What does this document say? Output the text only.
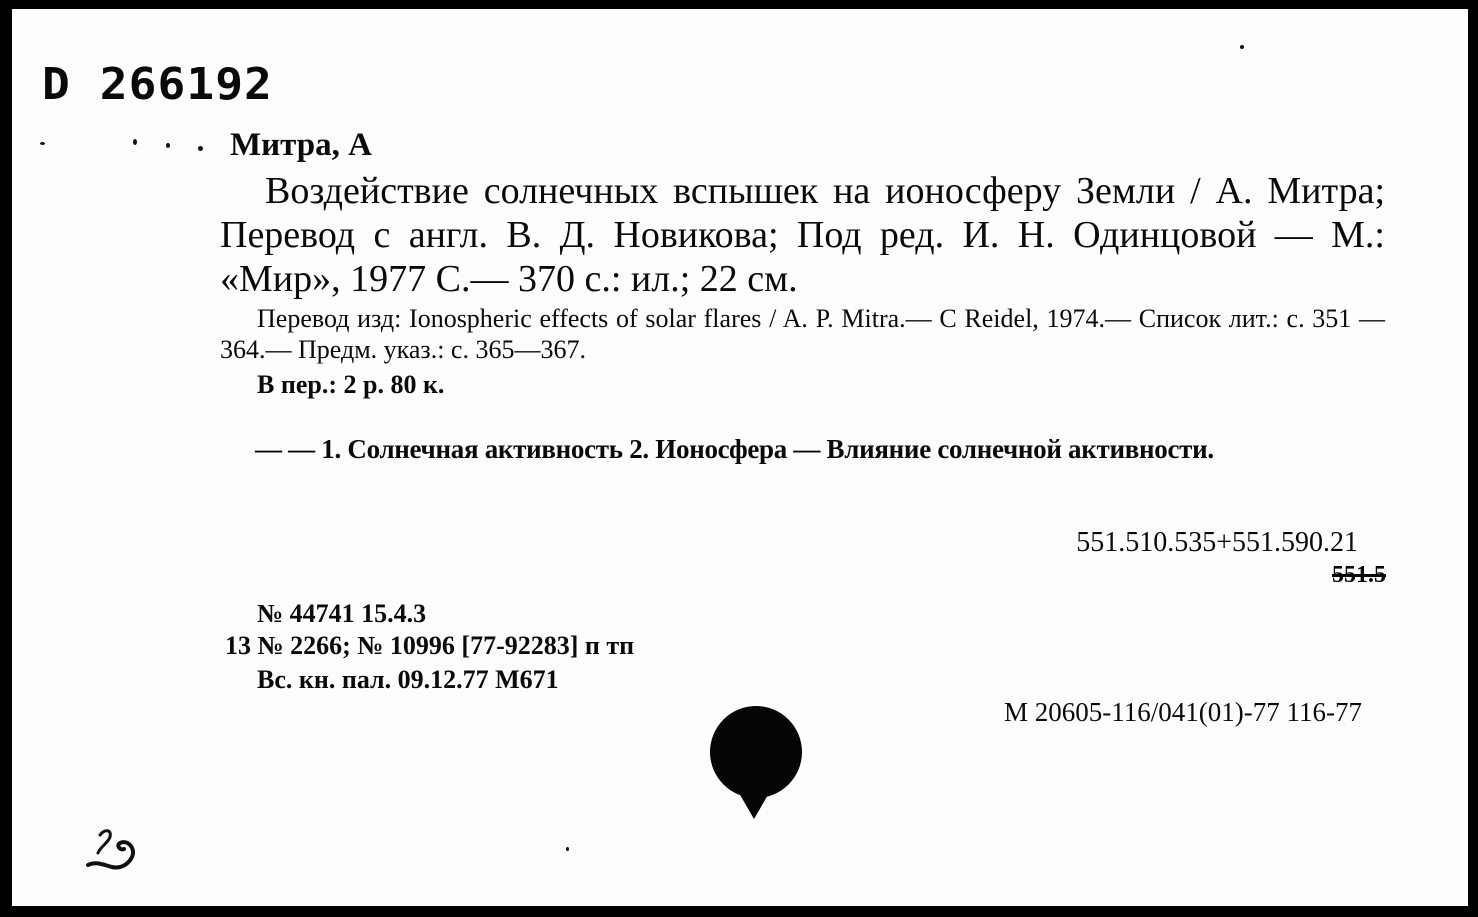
D 266192
Митра, А
Воздействие солнечных вспышек на ионосферу Земли / А. Митра; Перевод с англ. В. Д. Новикова; Под ред. И. Н. Одинцовой — М.: «Мир», 1977 С.— 370 с.: ил.; 22 см.
Перевод изд: Ionospheric effects of solar flares / A. P. Mitra.— C Reidel, 1974.— Список лит.: с. 351 — 364.— Предм. указ.: с. 365—367.
В пер.: 2 р. 80 к.
— — 1. Солнечная активность 2. Ионосфера — Влияние солнечной активности.
551.510.535+551.590.21
551.5
№ 44741 15.4.3
13 № 2266; № 10996 [77-92283] п тп
Вс. кн. пал. 09.12.77 М671
М 20605-116/041(01)-77 116-77
